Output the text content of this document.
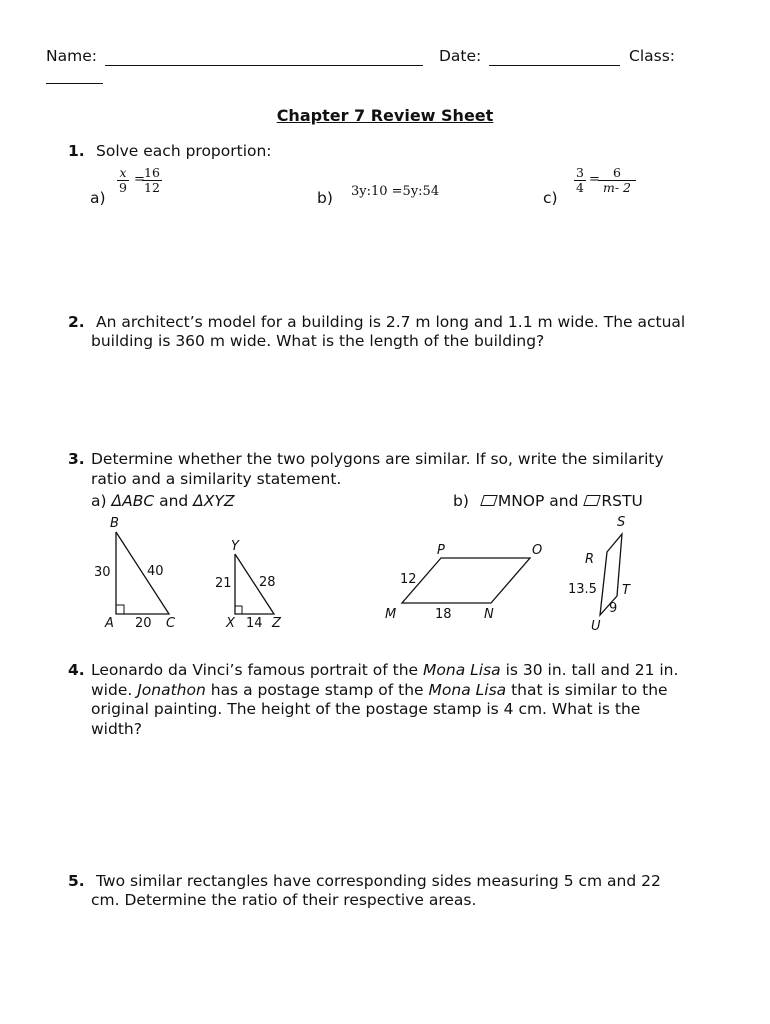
Name:	Date:	Class:
Chapter 7 Review Sheet
1. Solve each proportion:
a)
$\frac{x}{9}$ =
$\frac{16}{12}$
b) 3y:10 =5y:54	c)
$\frac{3}{4}$ =
$\frac{6}{m- 2}$
2. An architect’s model for a building is 2.7 m long and 1.1 m wide. The actual
building is 360 m wide. What is the length of the building?
3. Determine whether the two polygons are similar. If so, write the similarity
ratio and a similarity statement.
a) ΔABC and ΔXYZ	b) MNOP and RSTU
B
A	C
30	40
20
Y
X	Z
21 28
14
P	O
M	N
12
18
S
R
T
U
13.5
9
4. Leonardo da Vinci’s famous portrait of the Mona Lisa is 30 in. tall and 21 in.
wide. Jonathon has a postage stamp of the Mona Lisa that is similar to the
original painting. The height of the postage stamp is 4 cm. What is the
width?
5. Two similar rectangles have corresponding sides measuring 5 cm and 22
cm. Determine the ratio of their respective areas.
